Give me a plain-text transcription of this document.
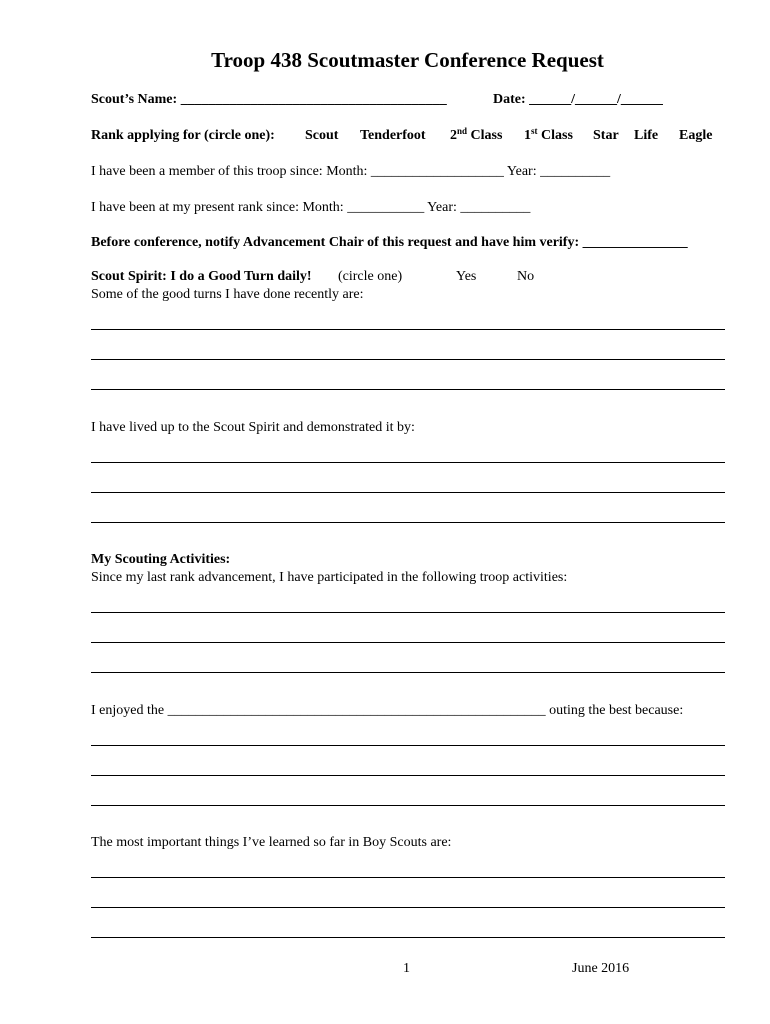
Troop 438 Scoutmaster Conference Request
Scout’s Name: ______________________________________	Date: ______/______/______
Rank applying for (circle one): Scout Tenderfoot 2nd Class 1st Class Star Life Eagle
I have been a member of this troop since: Month: ___________________ Year: __________
I have been at my present rank since: Month: ___________ Year: __________
Before conference, notify Advancement Chair of this request and have him verify: _______________
Scout Spirit: I do a Good Turn daily! (circle one)	Yes	No
Some of the good turns I have done recently are:
I have lived up to the Scout Spirit and demonstrated it by:
My Scouting Activities:
Since my last rank advancement, I have participated in the following troop activities:
I enjoyed the ______________________________________________________ outing the best because:
The most important things I’ve learned so far in Boy Scouts are:
1	June 2016
